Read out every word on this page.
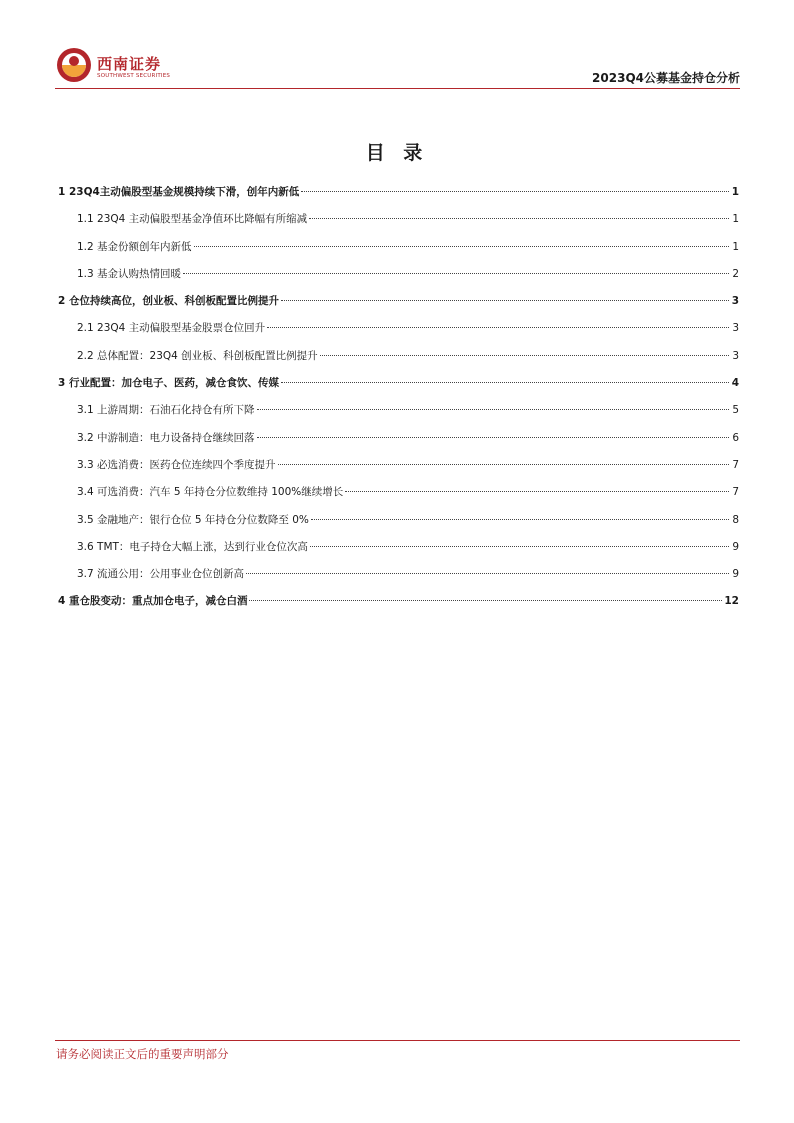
西南证券
SOUTHWEST SECURITIES	2023Q4公募基金持仓分析
目 录
1 23Q4主动偏股型基金规模持续下滑，创年内新低	1
1.1 23Q4 主动偏股型基金净值环比降幅有所缩减	1
1.2 基金份额创年内新低	1
1.3 基金认购热情回暖	2
2 仓位持续高位，创业板、科创板配置比例提升	3
2.1 23Q4 主动偏股型基金股票仓位回升	3
2.2 总体配置：23Q4 创业板、科创板配置比例提升	3
3 行业配置：加仓电子、医药，减仓食饮、传媒	4
3.1 上游周期：石油石化持仓有所下降	5
3.2 中游制造：电力设备持仓继续回落	6
3.3 必选消费：医药仓位连续四个季度提升	7
3.4 可选消费：汽车 5 年持仓分位数维持 100%继续增长	7
3.5 金融地产：银行仓位 5 年持仓分位数降至 0%	8
3.6 TMT：电子持仓大幅上涨，达到行业仓位次高	9
3.7 流通公用：公用事业仓位创新高	9
4 重仓股变动：重点加仓电子，减仓白酒	12
请务必阅读正文后的重要声明部分
